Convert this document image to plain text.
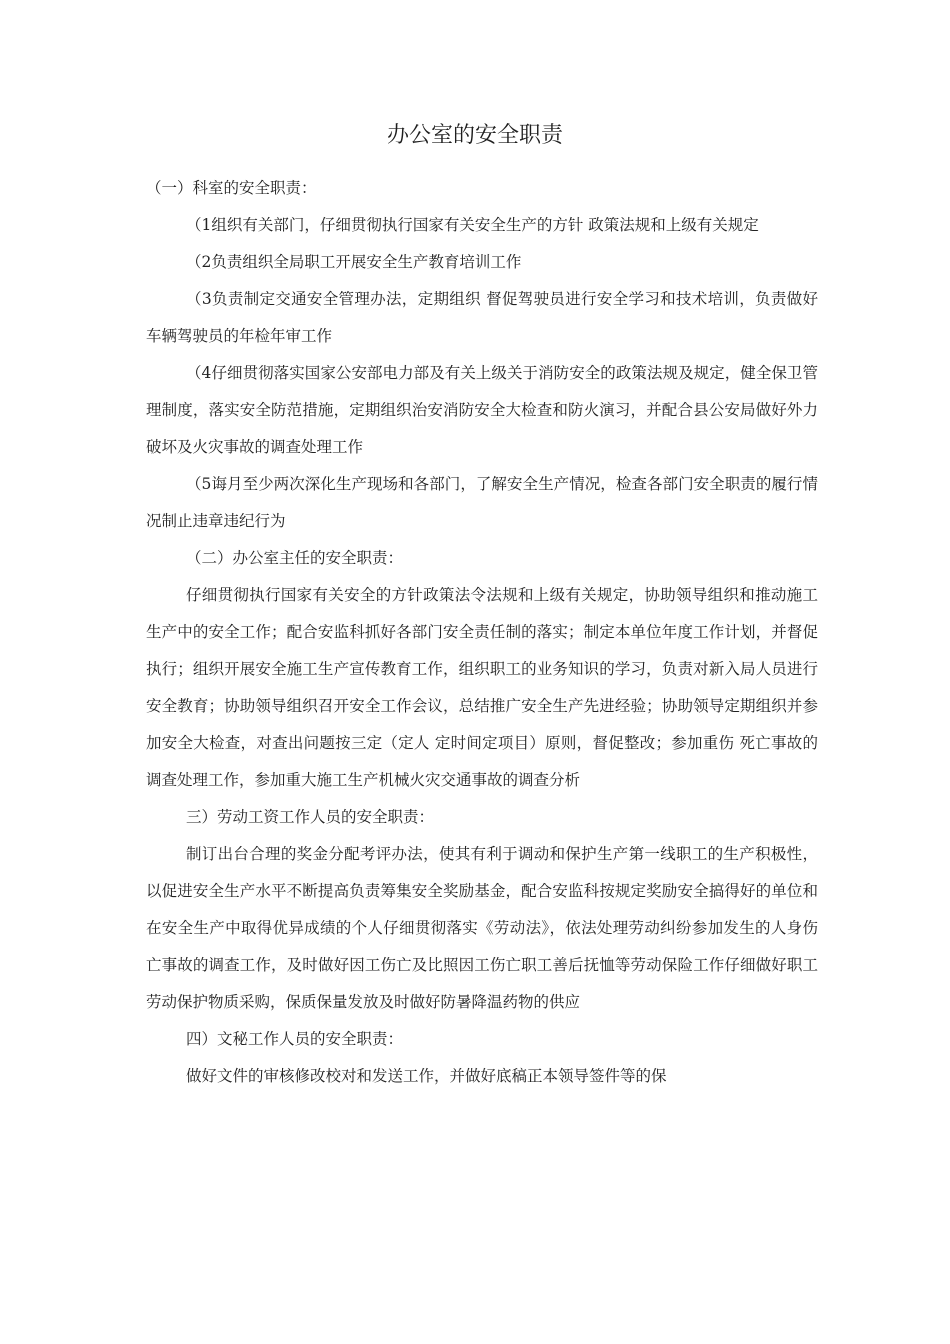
办公室的安全职责

（一）科室的安全职责：

（1组织有关部门，仔细贯彻执行国家有关安全生产的方针 政策法规和上级有关规定

（2负责组织全局职工开展安全生产教育培训工作

（3负责制定交通安全管理办法，定期组织 督促驾驶员进行安全学习和技术培训，负责做好车辆驾驶员的年检年审工作

（4仔细贯彻落实国家公安部电力部及有关上级关于消防安全的政策法规及规定，健全保卫管理制度，落实安全防范措施，定期组织治安消防安全大检查和防火演习，并配合县公安局做好外力破坏及火灾事故的调查处理工作

（5诲月至少两次深化生产现场和各部门，了解安全生产情况，检查各部门安全职责的履行情况制止违章违纪行为

（二）办公室主任的安全职责：

仔细贯彻执行国家有关安全的方针政策法令法规和上级有关规定，协助领导组织和推动施工生产中的安全工作；配合安监科抓好各部门安全责任制的落实；制定本单位年度工作计划，并督促执行；组织开展安全施工生产宣传教育工作，组织职工的业务知识的学习，负责对新入局人员进行安全教育；协助领导组织召开安全工作会议，总结推广安全生产先进经验；协助领导定期组织并参加安全大检查，对查出问题按三定（定人 定时间定项目）原则，督促整改；参加重伤 死亡事故的调查处理工作，参加重大施工生产机械火灾交通事故的调查分析

三）劳动工资工作人员的安全职责：

制订出台合理的奖金分配考评办法，使其有利于调动和保护生产第一线职工的生产积极性，以促进安全生产水平不断提高负责筹集安全奖励基金，配合安监科按规定奖励安全搞得好的单位和在安全生产中取得优异成绩的个人仔细贯彻落实《劳动法》，依法处理劳动纠纷参加发生的人身伤亡事故的调查工作，及时做好因工伤亡及比照因工伤亡职工善后抚恤等劳动保险工作仔细做好职工劳动保护物质采购，保质保量发放及时做好防暑降温药物的供应

四）文秘工作人员的安全职责：

做好文件的审核修改校对和发送工作，并做好底稿正本领导签件等的保
